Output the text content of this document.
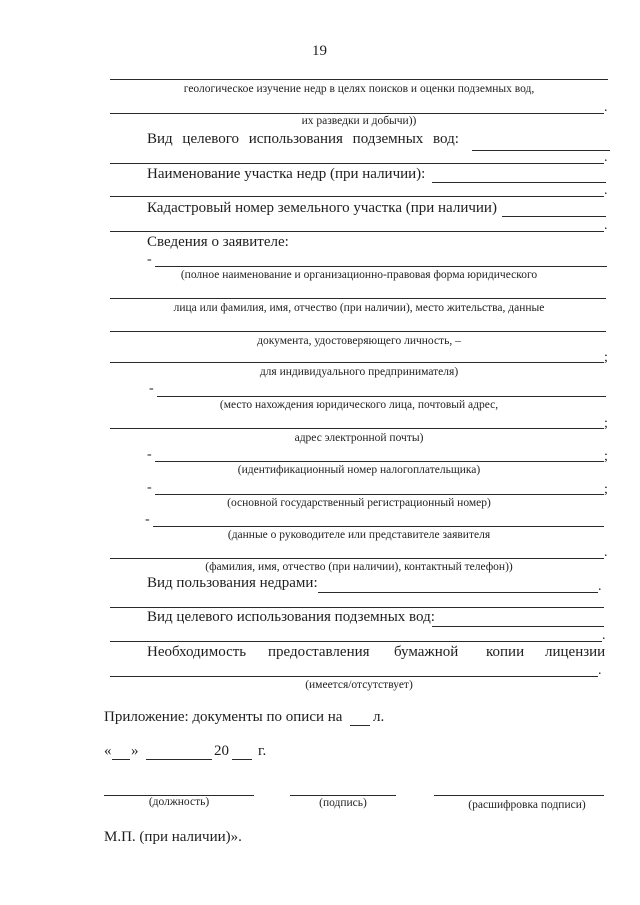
19
геологическое изучение недр в целях поисков и оценки подземных вод,
.
их разведки и добычи))
Вид целевого использования подземных вод:
.
Наименование участка недр (при наличии):
.
Кадастровый номер земельного участка (при наличии)
.
Сведения о заявителе:
-
(полное наименование и организационно-правовая форма юридического
лица или фамилия, имя, отчество (при наличии), место жительства, данные
документа, удостоверяющего личность, –
;
для индивидуального предпринимателя)
-
(место нахождения юридического лица, почтовый адрес,
;
адрес электронной почты)
-	;
(идентификационный номер налогоплательщика)
-	;
(основной государственный регистрационный номер)
-
(данные о руководителе или представителе заявителя
.
(фамилия, имя, отчество (при наличии), контактный телефон))
Вид пользования недрами:	.
Вид целевого использования подземных вод:
.
Необходимость предоставления бумажной копии лицензии
.
(имеется/отсутствует)
Приложение: документы по описи на л.
« »	20 г.
(должность)	(подпись)	(расшифровка подписи)
М.П. (при наличии)».
